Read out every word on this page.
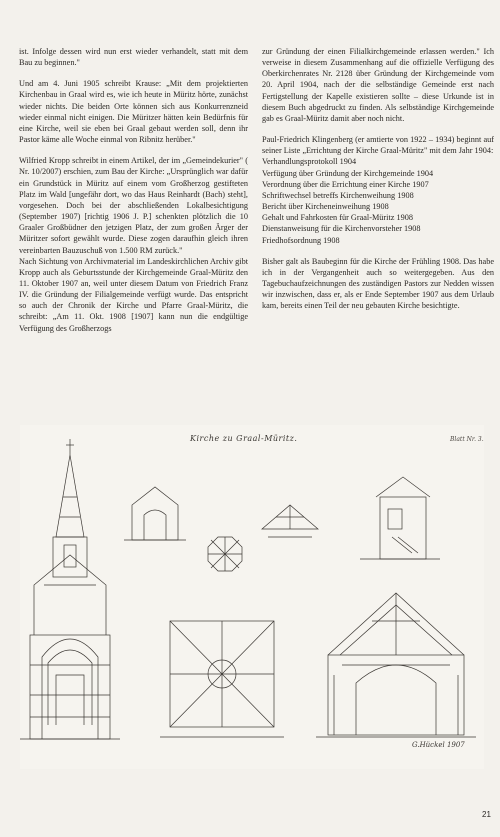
ist. Infolge dessen wird nun erst wieder verhandelt, statt mit dem Bau zu beginnen."

Und am 4. Juni 1905 schreibt Krause: „Mit dem projektierten Kirchenbau in Graal wird es, wie ich heute in Müritz hörte, zunächst wieder nichts. Die beiden Orte können sich aus Konkurrenzneid wieder einmal nicht einigen. Die Müritzer hätten kein Bedürfnis für eine Kirche, weil sie eben bei Graal gebaut werden soll, denn ihr Pastor käme alle Woche einmal von Ribnitz herüber."

Wilfried Kropp schreibt in einem Artikel, der im „Gemeindekurier" ( Nr. 10/2007) erschien, zum Bau der Kirche: „Ursprünglich war dafür ein Grundstück in Müritz auf einem vom Großherzog gestifteten Platz im Wald [ungefähr dort, wo das Haus Reinhardt (Bach) steht], vorgesehen. Doch bei der abschließenden Lokalbesichtigung (September 1907) [richtig 1906 J. P.] schenkten plötzlich die 10 Graaler Großbüdner den jetzigen Platz, der zum großen Ärger der Müritzer sofort gewählt wurde. Diese zogen daraufhin gleich ihren vereinbarten Bauzuschuß von 1.500 RM zurück."

Nach Sichtung von Archivmaterial im Landeskirchlichen Archiv gibt Kropp auch als Geburtsstunde der Kirchgemeinde Graal-Müritz den 11. Oktober 1907 an, weil unter diesem Datum von Friedrich Franz IV. die Gründung der Filialgemeinde verfügt wurde. Das entspricht so auch der Chronik der Kirche und Pfarre Graal-Müritz, die schreibt: „Am 11. Okt. 1908 [1907] kann nun die endgültige Verfügung des Großherzogs

zur Gründung der einen Filialkirchgemeinde erlassen werden." Ich verweise in diesem Zusammenhang auf die offizielle Verfügung des Oberkirchenrates Nr. 2128 über Gründung der Kirchgemeinde vom 20. April 1904, nach der die selbständige Gemeinde erst nach Fertigstellung der Kapelle existieren sollte – diese Urkunde ist in diesem Buch abgedruckt zu finden. Als selbständige Kirchgemeinde gab es Graal-Müritz damit aber noch nicht.

Paul-Friedrich Klingenberg (er amtierte von 1922 – 1934) beginnt auf seiner Liste „Errichtung der Kirche Graal-Müritz" mit dem Jahr 1904:

Verhandlungsprotokoll 1904
Verfügung über Gründung der Kirchgemeinde 1904
Verordnung über die Errichtung einer Kirche 1907
Schriftwechsel betreffs Kirchenweihung 1908
Bericht über Kircheneinweihung 1908
Gehalt und Fahrkosten für Graal-Müritz 1908
Dienstanweisung für die Kirchenvorsteher 1908
Friedhofsordnung 1908

Bisher galt als Baubeginn für die Kirche der Frühling 1908. Das habe ich in der Vergangenheit auch so weitergegeben. Aus den Tagebuchaufzeichnungen des zuständigen Pastors zur Nedden wissen wir inzwischen, dass er, als er Ende September 1907 aus dem Urlaub kam, bereits einen Teil der neu gebauten Kirche besichtigte.

Kirche zu Graal-Müritz.	Blatt Nr. 3.
G.Hückel 1907
21
